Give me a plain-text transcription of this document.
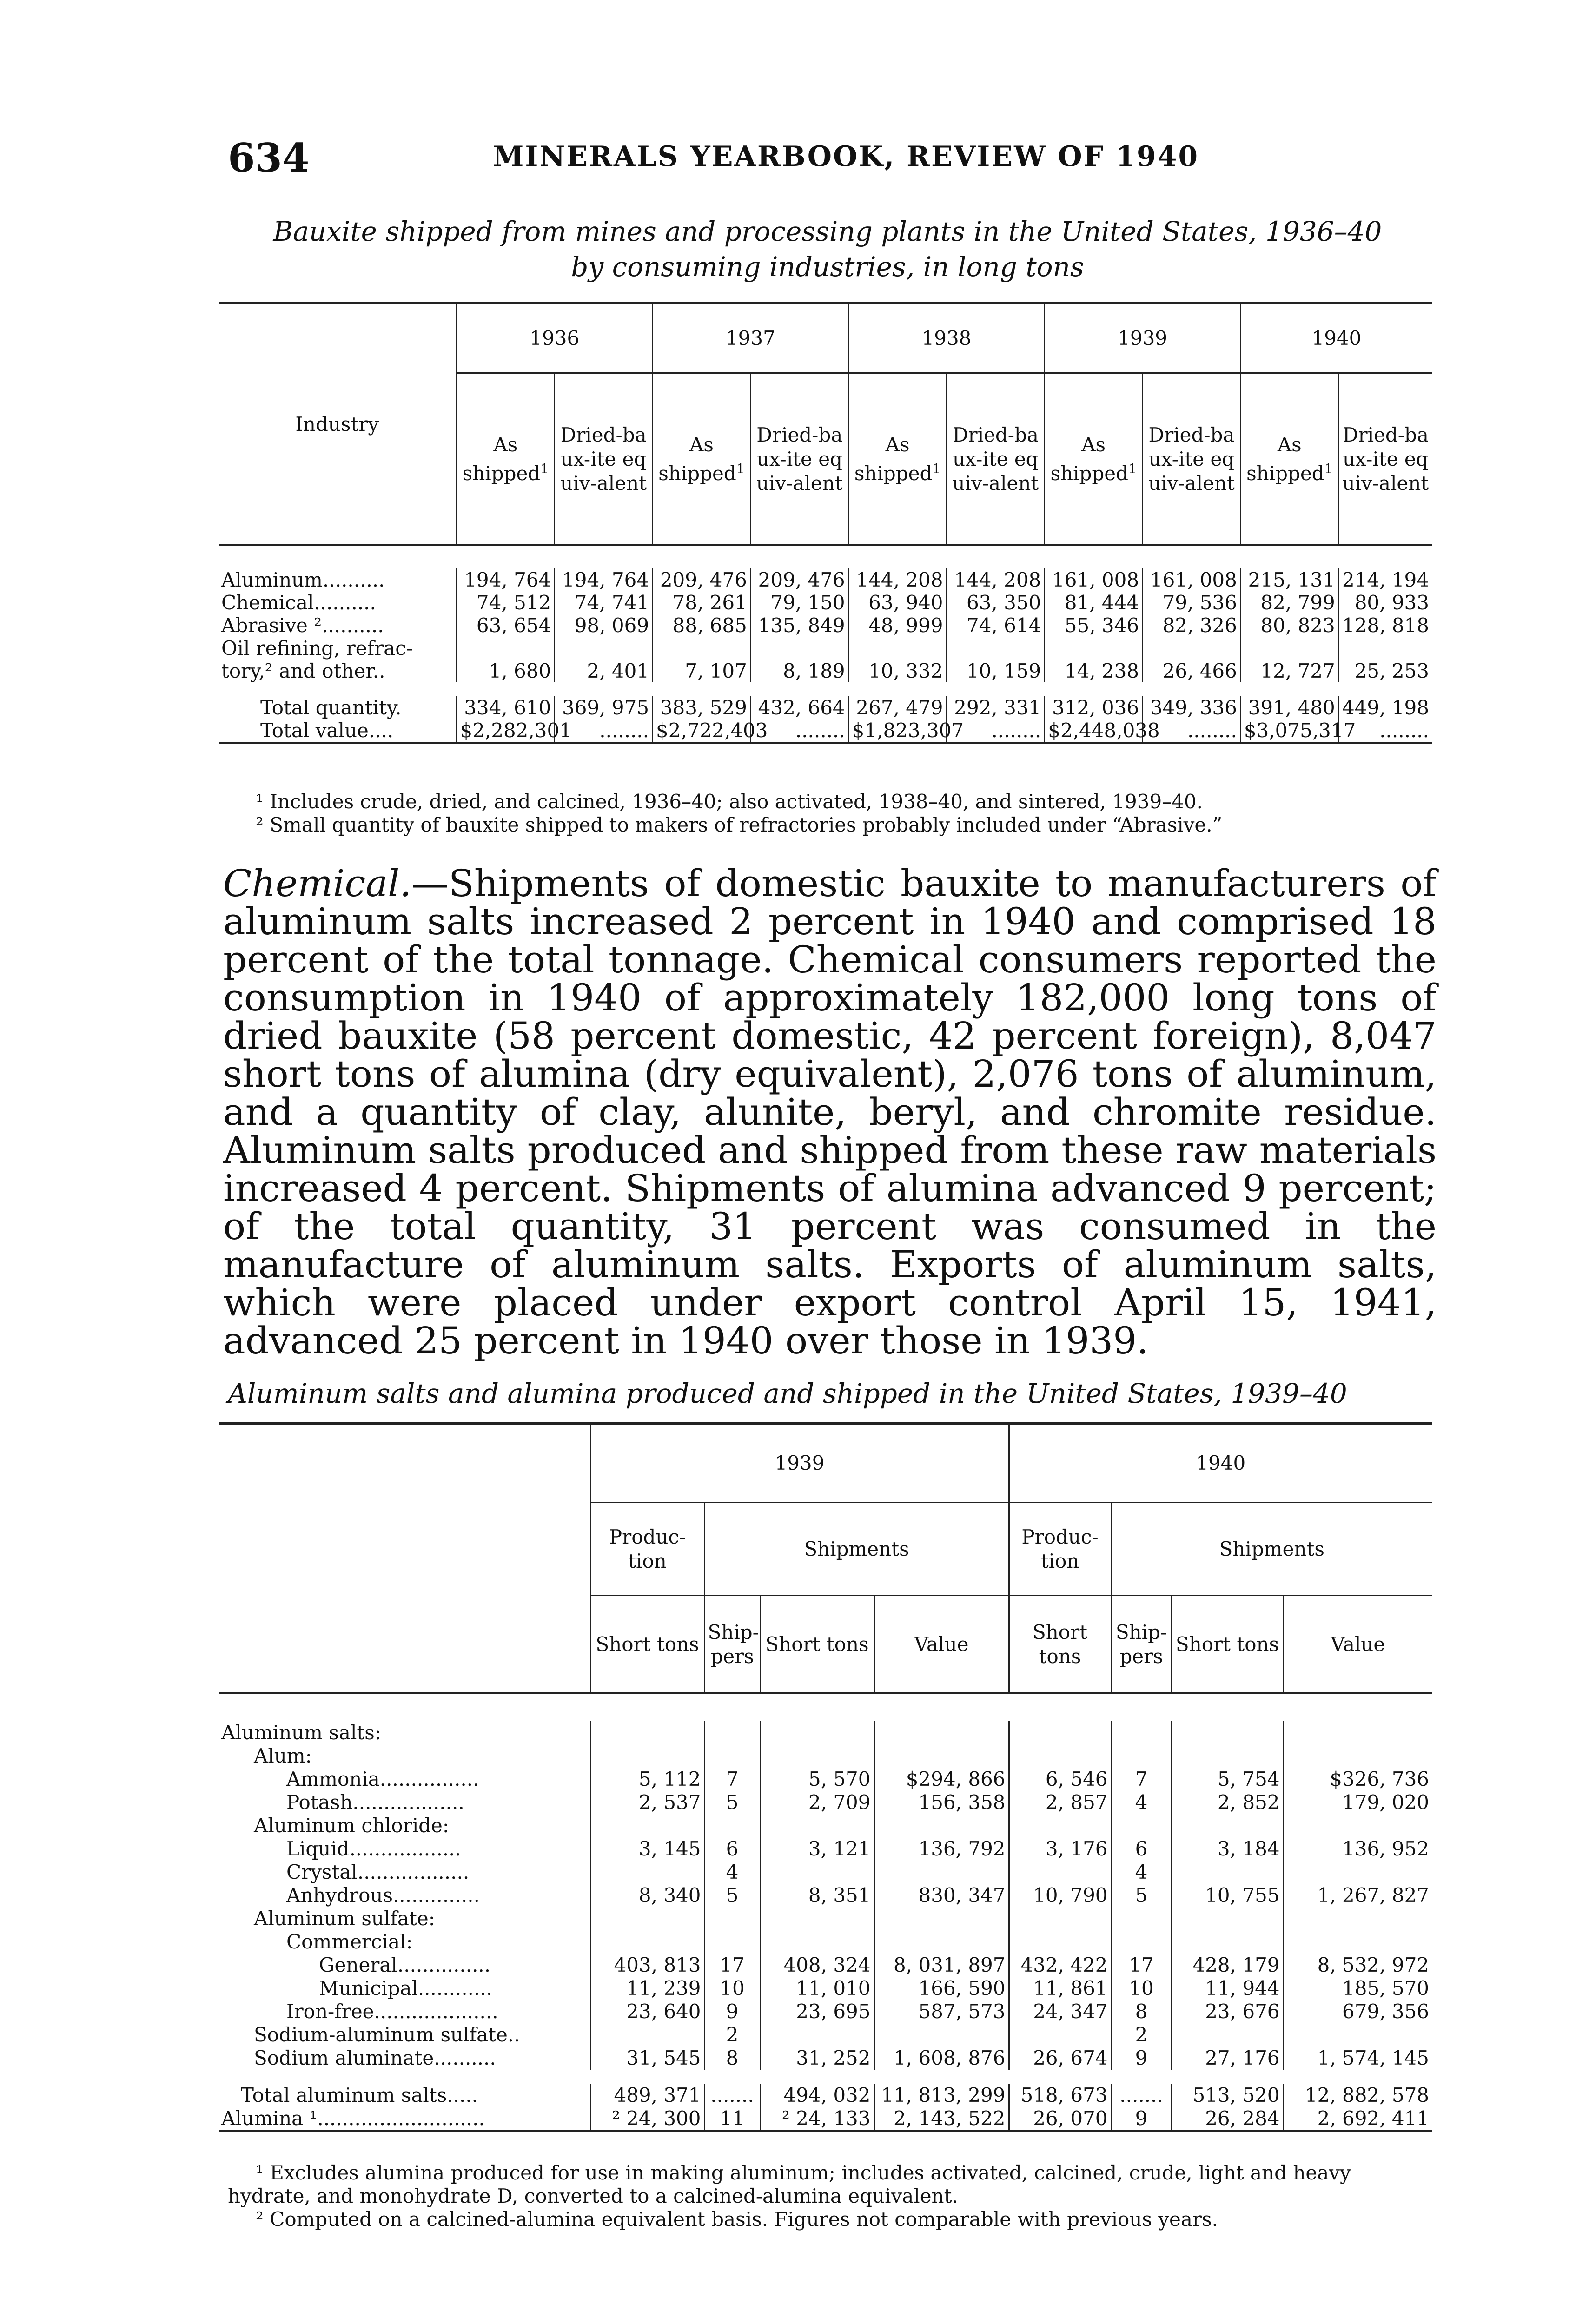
634	MINERALS YEARBOOK, REVIEW OF 1940
Bauxite shipped from mines and processing plants in the United States, 1936–40
by consuming industries, in long tons
Industry	1936		1937		1938		1939		1940	
	As shipped$^1$	Dried-baux-ite equiv-alent	As shipped$^1$	Dried-baux-ite equiv-alent	As shipped$^1$	Dried-baux-ite equiv-alent	As shipped$^1$	Dried-baux-ite equiv-alent	As shipped$^1$	Dried-baux-ite equiv-alent

Aluminum..........	194, 764	194, 764	209, 476	209, 476	144, 208	144, 208	161, 008	161, 008	215, 131	214, 194
Chemical..........	74, 512	74, 741	78, 261	79, 150	63, 940	63, 350	81, 444	79, 536	82, 799	80, 933
Abrasive ²..........	63, 654	98, 069	88, 685	135, 849	48, 999	74, 614	55, 346	82, 326	80, 823	128, 818
Oil refining, refrac-										
tory,² and other..	1, 680	2, 401	7, 107	8, 189	10, 332	10, 159	14, 238	26, 466	12, 727	25, 253

Total quantity.	334, 610	369, 975	383, 529	432, 664	267, 479	292, 331	312, 036	349, 336	391, 480	449, 198
Total value....	$2,282,301	........	$2,722,403	........	$1,823,307	........	$2,448,038	........	$3,075,317	........

¹ Includes crude, dried, and calcined, 1936–40; also activated, 1938–40, and sintered, 1939–40.
² Small quantity of bauxite shipped to makers of refractories probably included under “Abrasive.”
Chemical.—Shipments of domestic bauxite to manufacturers of aluminum salts increased 2 percent in 1940 and comprised 18 percent of the total tonnage. Chemical consumers reported the consumption in 1940 of approximately 182,000 long tons of dried bauxite (58 percent domestic, 42 percent foreign), 8,047 short tons of alumina (dry equivalent), 2,076 tons of aluminum, and a quantity of clay, alunite, beryl, and chromite residue. Aluminum salts produced and shipped from these raw materials increased 4 percent. Shipments of alumina advanced 9 percent; of the total quantity, 31 percent was consumed in the manufacture of aluminum salts. Exports of aluminum salts, which were placed under export control April 15, 1941, advanced 25 percent in 1940 over those in 1939.
Aluminum salts and alumina produced and shipped in the United States, 1939–40
	1939				1940			
	Produc-tion	Shipments			Produc-tion	Shipments		
	Short tons	Ship-pers	Short tons	Value	Short tons	Ship-pers	Short tons	Value

Aluminum salts:								
Alum:								
Ammonia................	5, 112	7	5, 570	$294, 866	6, 546	7	5, 754	$326, 736
Potash..................	2, 537	5	2, 709	156, 358	2, 857	4	2, 852	179, 020
Aluminum chloride:								
Liquid..................	3, 145	6	3, 121	136, 792	3, 176	6	3, 184	136, 952
Crystal..................		4				4		
Anhydrous..............	8, 340	5	8, 351	830, 347	10, 790	5	10, 755	1, 267, 827
Aluminum sulfate:								
Commercial:								
General...............	403, 813	17	408, 324	8, 031, 897	432, 422	17	428, 179	8, 532, 972
Municipal............	11, 239	10	11, 010	166, 590	11, 861	10	11, 944	185, 570
Iron-free....................	23, 640	9	23, 695	587, 573	24, 347	8	23, 676	679, 356
Sodium-aluminum sulfate..		2				2		
Sodium aluminate..........	31, 545	8	31, 252	1, 608, 876	26, 674	9	27, 176	1, 574, 145

Total aluminum salts.....	489, 371	.......	494, 032	11, 813, 299	518, 673	.......	513, 520	12, 882, 578
Alumina ¹...........................	² 24, 300	11	² 24, 133	2, 143, 522	26, 070	9	26, 284	2, 692, 411
¹ Excludes alumina produced for use in making aluminum; includes activated, calcined, crude, light and heavy hydrate, and monohydrate D, converted to a calcined-alumina equivalent.
² Computed on a calcined-alumina equivalent basis. Figures not comparable with previous years.
